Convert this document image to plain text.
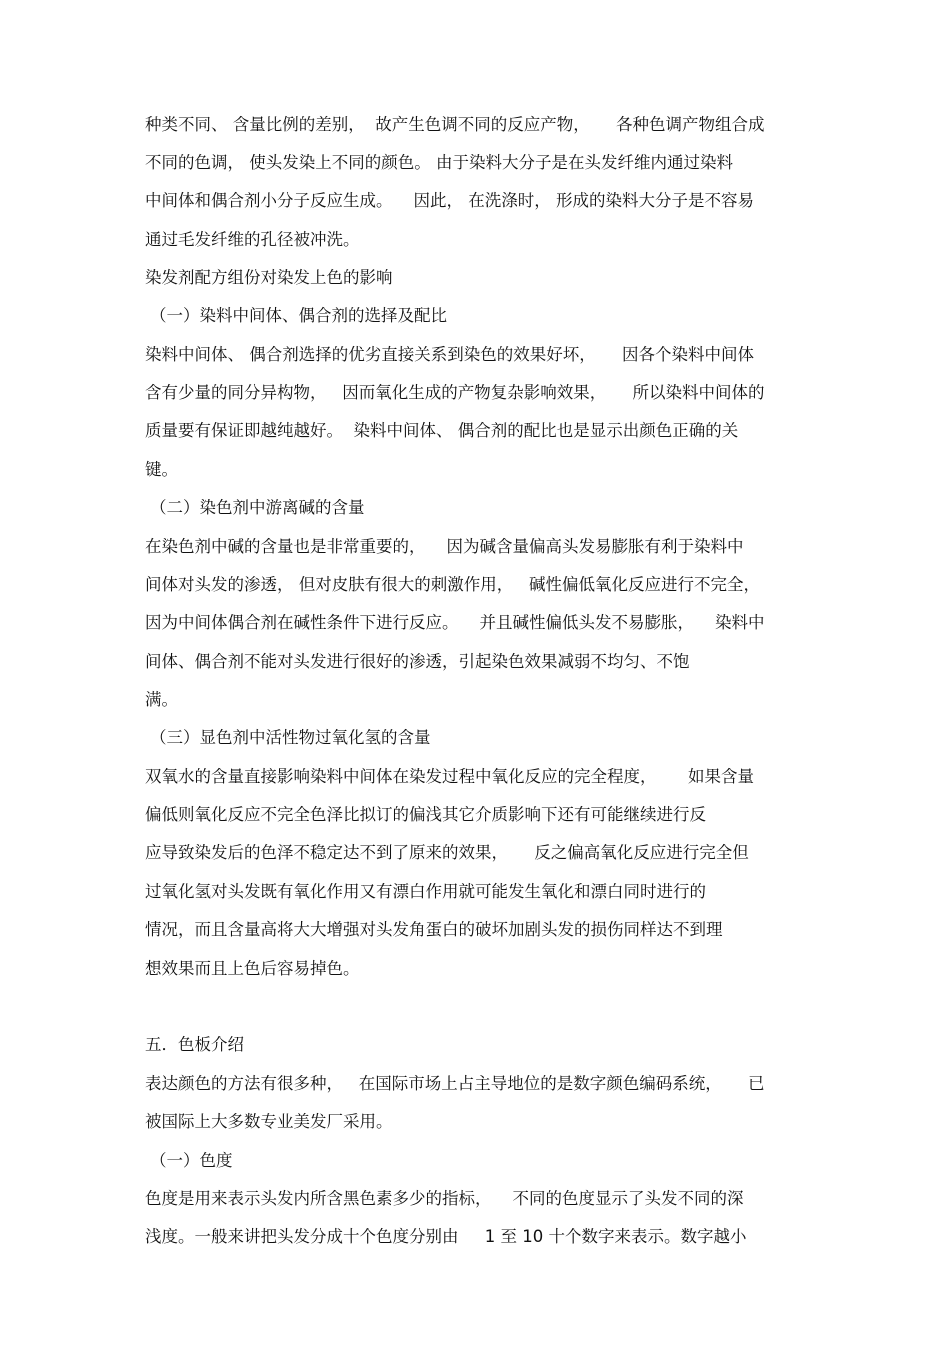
种类不同、 含量比例的差别，  故产生色调不同的反应产物，     各种色调产物组合成
不同的色调， 使头发染上不同的颜色。 由于染料大分子是在头发纤维内通过染料
中间体和偶合剂小分子反应生成。    因此， 在洗涤时， 形成的染料大分子是不容易
通过毛发纤维的孔径被冲洗。
染发剂配方组份对染发上色的影响
（一）染料中间体、偶合剂的选择及配比
染料中间体、 偶合剂选择的优劣直接关系到染色的效果好坏，     因各个染料中间体
含有少量的同分异构物，   因而氧化生成的产物复杂影响效果，     所以染料中间体的
质量要有保证即越纯越好。  染料中间体、 偶合剂的配比也是显示出颜色正确的关
键。
（二）染色剂中游离碱的含量
在染色剂中碱的含量也是非常重要的，    因为碱含量偏高头发易膨胀有利于染料中
间体对头发的渗透， 但对皮肤有很大的刺激作用，   碱性偏低氧化反应进行不完全，
因为中间体偶合剂在碱性条件下进行反应。    并且碱性偏低头发不易膨胀，    染料中
间体、偶合剂不能对头发进行很好的渗透，引起染色效果减弱不均匀、不饱
满。
（三）显色剂中活性物过氧化氢的含量
双氧水的含量直接影响染料中间体在染发过程中氧化反应的完全程度，      如果含量
偏低则氧化反应不完全色泽比拟订的偏浅其它介质影响下还有可能继续进行反
应导致染发后的色泽不稳定达不到了原来的效果，     反之偏高氧化反应进行完全但
过氧化氢对头发既有氧化作用又有漂白作用就可能发生氧化和漂白同时进行的
情况，而且含量高将大大增强对头发角蛋白的破坏加剧头发的损伤同样达不到理
想效果而且上色后容易掉色。
五．色板介绍
表达颜色的方法有很多种，   在国际市场上占主导地位的是数字颜色编码系统，     已
被国际上大多数专业美发厂采用。
（一）色度
色度是用来表示头发内所含黑色素多少的指标，    不同的色度显示了头发不同的深
浅度。一般来讲把头发分成十个色度分别由     1 至 10 十个数字来表示。数字越小
